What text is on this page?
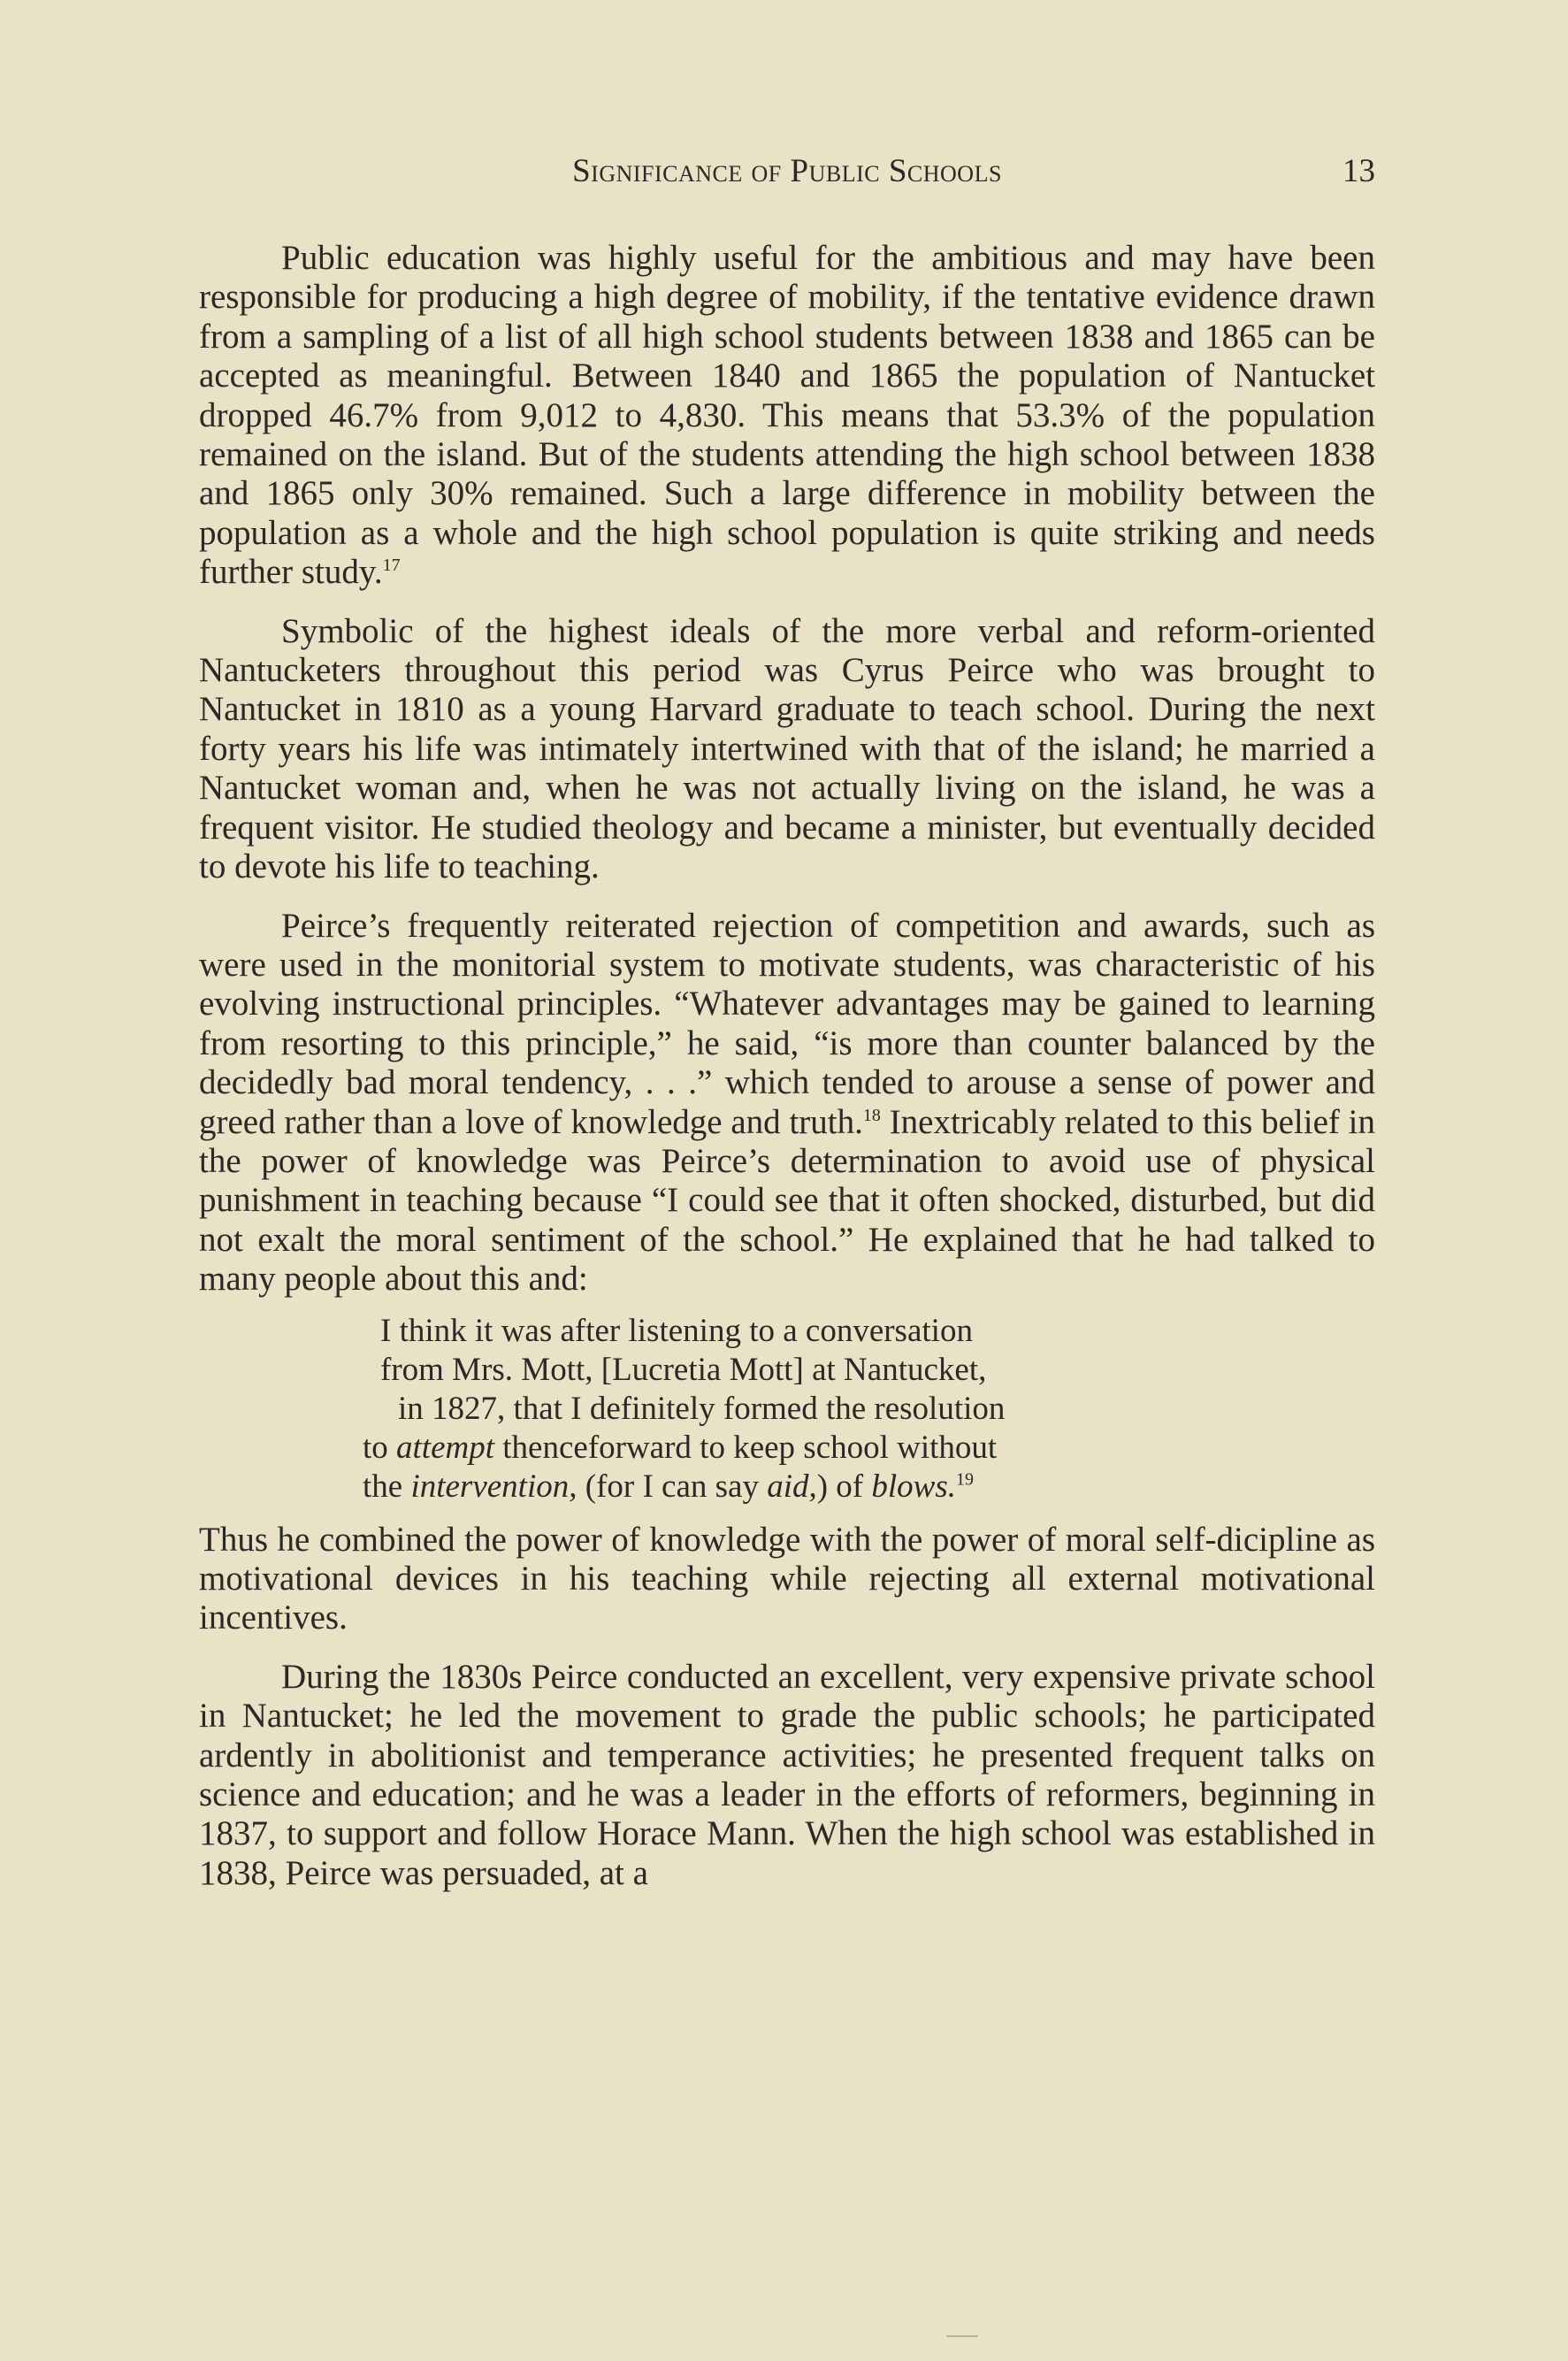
Significance of Public Schools	13

Public education was highly useful for the ambitious and may have been responsible for producing a high degree of mobility, if the tentative evidence drawn from a sampling of a list of all high school students between 1838 and 1865 can be accepted as meaningful. Between 1840 and 1865 the population of Nantucket dropped 46.7% from 9,012 to 4,830. This means that 53.3% of the population remained on the island. But of the students attending the high school between 1838 and 1865 only 30% remained. Such a large difference in mobility between the population as a whole and the high school population is quite striking and needs further study.$^{17}$

Symbolic of the highest ideals of the more verbal and reform-oriented Nantucketers throughout this period was Cyrus Peirce who was brought to Nantucket in 1810 as a young Harvard graduate to teach school. During the next forty years his life was intimately intertwined with that of the island; he married a Nantucket woman and, when he was not actually living on the island, he was a frequent visitor. He studied theology and became a minister, but eventually decided to devote his life to teaching.

Peirce’s frequently reiterated rejection of competition and awards, such as were used in the monitorial system to motivate students, was characteristic of his evolving instructional principles. “Whatever advantages may be gained to learning from resorting to this principle,” he said, “is more than counter balanced by the decidedly bad moral tendency, . . .” which tended to arouse a sense of power and greed rather than a love of knowledge and truth.$^{18}$ Inextricably related to this belief in the power of knowledge was Peirce’s determination to avoid use of physical punishment in teaching because “I could see that it often shocked, disturbed, but did not exalt the moral sentiment of the school.” He explained that he had talked to many people about this and:

I think it was after listening to a conversation
from Mrs. Mott, [Lucretia Mott] at Nantucket,
in 1827, that I definitely formed the resolution
to attempt thenceforward to keep school without
the intervention, (for I can say aid,) of blows.$^{19}$

Thus he combined the power of knowledge with the power of moral self-dicipline as motivational devices in his teaching while rejecting all external motivational incentives.

During the 1830s Peirce conducted an excellent, very expensive private school in Nantucket; he led the movement to grade the public schools; he participated ardently in abolitionist and temperance activities; he presented frequent talks on science and education; and he was a leader in the efforts of reformers, beginning in 1837, to support and follow Horace Mann. When the high school was established in 1838, Peirce was persuaded, at a
